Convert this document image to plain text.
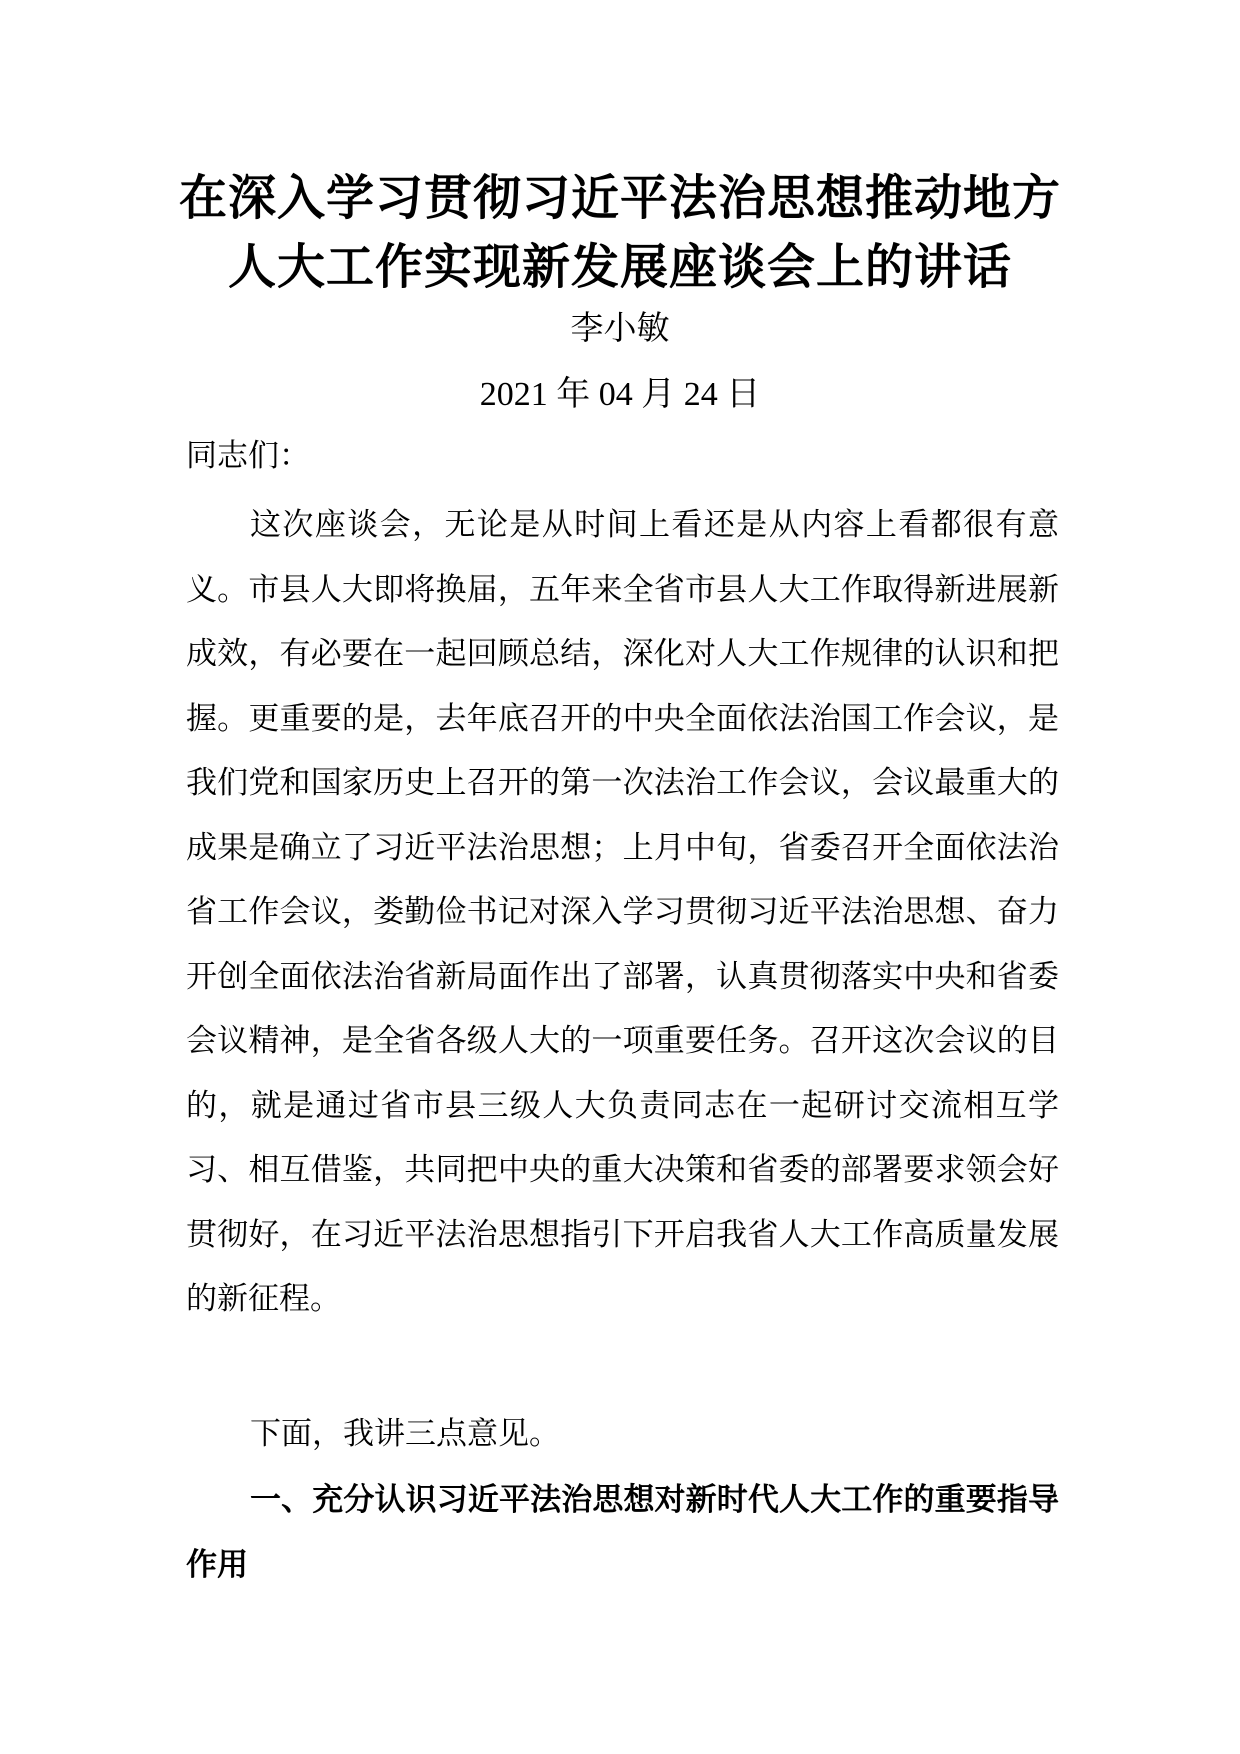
在深入学习贯彻习近平法治思想推动地方
人大工作实现新发展座谈会上的讲话
李小敏
2021 年 04 月 24 日
同志们：

这次座谈会，无论是从时间上看还是从内容上看都很有意义。市县人大即将换届，五年来全省市县人大工作取得新进展新成效，有必要在一起回顾总结，深化对人大工作规律的认识和把握。更重要的是，去年底召开的中央全面依法治国工作会议，是我们党和国家历史上召开的第一次法治工作会议，会议最重大的成果是确立了习近平法治思想；上月中旬，省委召开全面依法治省工作会议，娄勤俭书记对深入学习贯彻习近平法治思想、奋力开创全面依法治省新局面作出了部署，认真贯彻落实中央和省委会议精神，是全省各级人大的一项重要任务。召开这次会议的目的，就是通过省市县三级人大负责同志在一起研讨交流相互学习、相互借鉴，共同把中央的重大决策和省委的部署要求领会好贯彻好，在习近平法治思想指引下开启我省人大工作高质量发展的新征程。

下面，我讲三点意见。

一、充分认识习近平法治思想对新时代人大工作的重要指导作用
